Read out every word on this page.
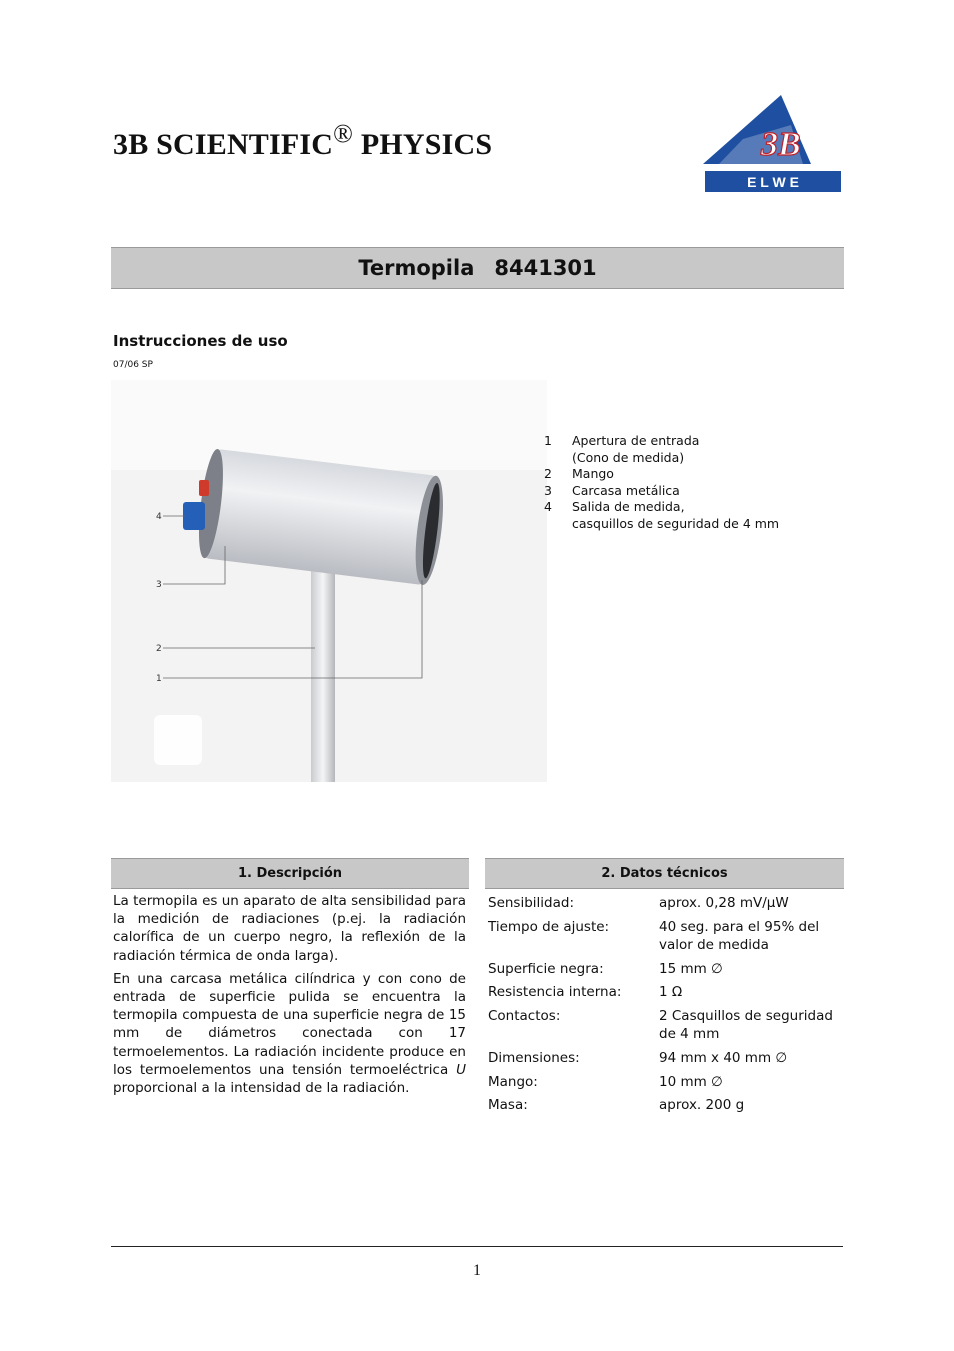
3B SCIENTIFIC® PHYSICS	3B
E L W E
Termopila 8441301
Instrucciones de uso
07/06 SP
4
3
2
1
1	Apertura de entrada
(Cono de medida)
2	Mango
3	Carcasa metálica
4	Salida de medida,
casquillos de seguridad de 4 mm
1. Descripción	2. Datos técnicos

La termopila es un aparato de alta sensibilidad para la medición de radiaciones (p.ej. la radiación calorífica de un cuerpo negro, la reflexión de la radiación térmica de onda larga).

En una carcasa metálica cilíndrica y con cono de entrada de superficie pulida se encuentra la termopila compuesta de una superficie negra de 15 mm de diámetros conectada con 17 termoelementos. La radiación incidente produce en los termoelementos una tensión termoeléctrica U proporcional a la intensidad de la radiación.

Sensibilidad:	aprox. 0,28 mV/µW
Tiempo de ajuste:	40 seg. para el 95% del valor de medida
Superficie negra:	15 mm ∅
Resistencia interna:	1 Ω
Contactos:	2 Casquillos de seguridad de 4 mm
Dimensiones:	94 mm x 40 mm ∅
Mango:	10 mm ∅
Masa:	aprox. 200 g
1
